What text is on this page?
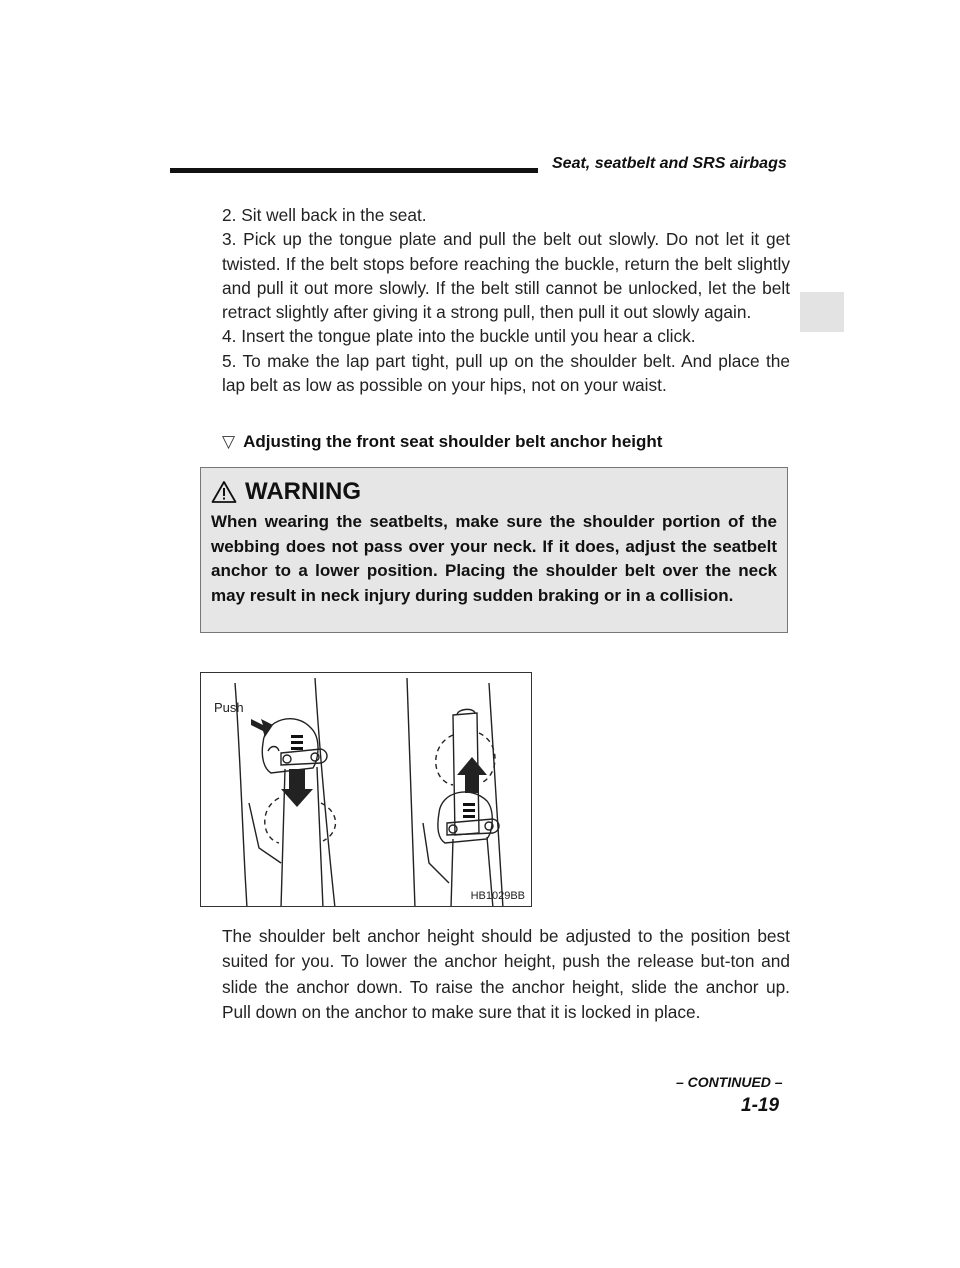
Seat, seatbelt and SRS airbags

2. Sit well back in the seat.

3. Pick up the tongue plate and pull the belt out slowly. Do not let it get twisted. If the belt stops before reaching the buckle, return the belt slightly and pull it out more slowly. If the belt still cannot be unlocked, let the belt retract slightly after giving it a strong pull, then pull it out slowly again.

4. Insert the tongue plate into the buckle until you hear a click.

5. To make the lap part tight, pull up on the shoulder belt. And place the lap belt as low as possible on your hips, not on your waist.

▽ Adjusting the front seat shoulder belt anchor height
WARNING
When wearing the seatbelts, make sure the shoulder portion of the webbing does not pass over your neck. If it does, adjust the seatbelt anchor to a lower position. Placing the shoulder belt over the neck may result in neck injury during sudden braking or in a collision.
Push
HB1029BB

The shoulder belt anchor height should be adjusted to the position best suited for you. To lower the anchor height, push the release but-ton and slide the anchor down. To raise the anchor height, slide the anchor up. Pull down on the anchor to make sure that it is locked in place.

– CONTINUED –
1-19
